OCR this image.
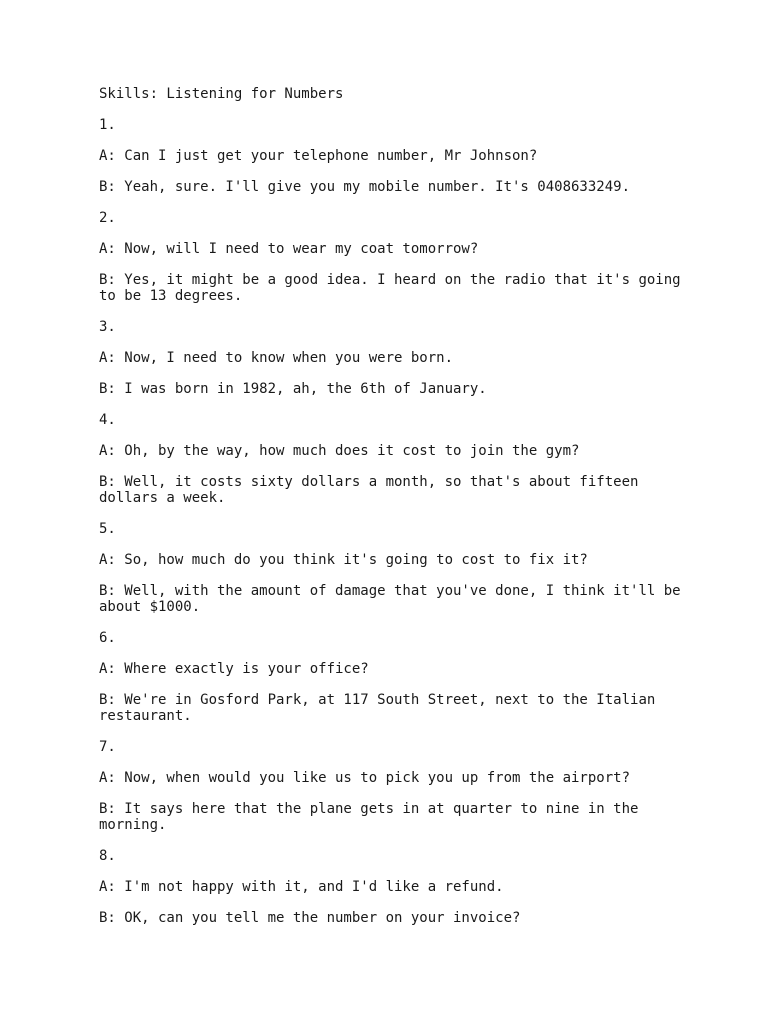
Skills: Listening for Numbers

1.

A: Can I just get your telephone number, Mr Johnson?

B: Yeah, sure. I'll give you my mobile number. It's 0408633249.

2.

A: Now, will I need to wear my coat tomorrow?

B: Yes, it might be a good idea. I heard on the radio that it's going to be 13 degrees.

3.

A: Now, I need to know when you were born.

B: I was born in 1982, ah, the 6th of January.

4.

A: Oh, by the way, how much does it cost to join the gym?

B: Well, it costs sixty dollars a month, so that's about fifteen dollars a week.

5.

A: So, how much do you think it's going to cost to fix it?

B: Well, with the amount of damage that you've done, I think it'll be about $1000.

6.

A: Where exactly is your office?

B: We're in Gosford Park, at 117 South Street, next to the Italian restaurant.

7.

A: Now, when would you like us to pick you up from the airport?

B: It says here that the plane gets in at quarter to nine in the morning.

8.

A: I'm not happy with it, and I'd like a refund.

B: OK, can you tell me the number on your invoice?
